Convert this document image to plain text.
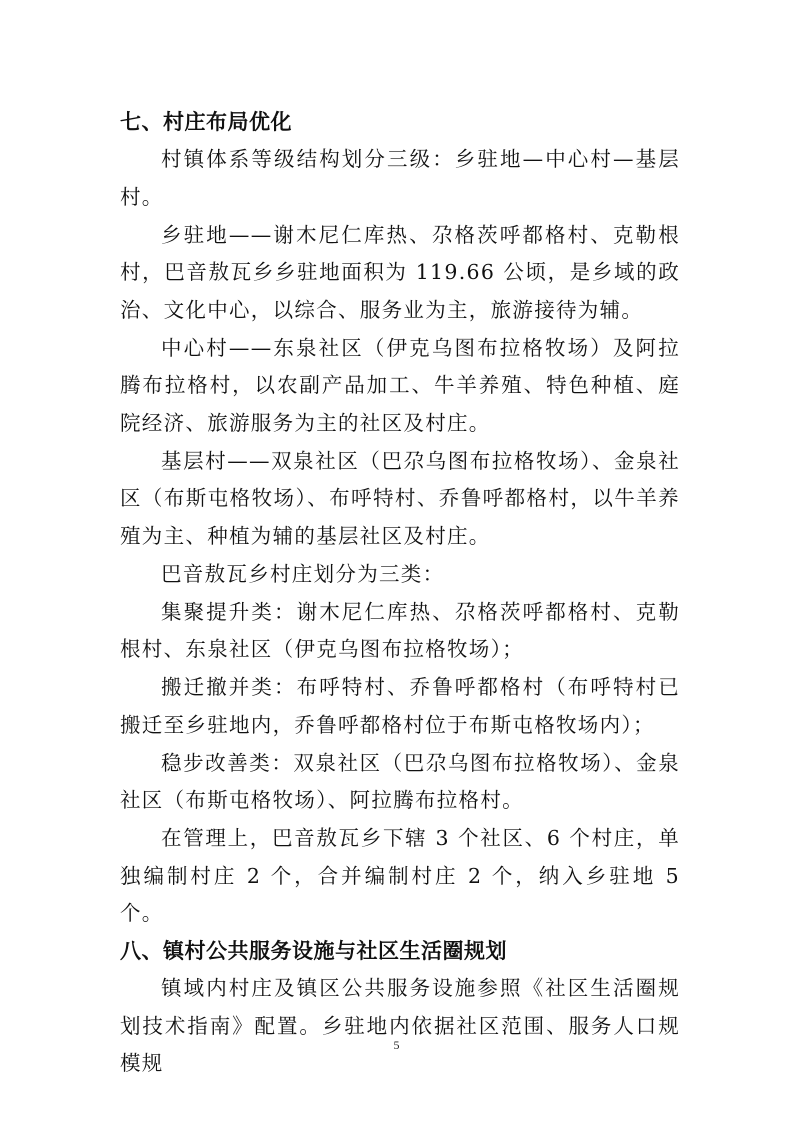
七、村庄布局优化

村镇体系等级结构划分三级：乡驻地—中心村—基层村。

乡驻地——谢木尼仁库热、尕格茨呼都格村、克勒根村，巴音敖瓦乡乡驻地面积为 119.66 公顷，是乡域的政治、文化中心，以综合、服务业为主，旅游接待为辅。

中心村——东泉社区（伊克乌图布拉格牧场）及阿拉腾布拉格村，以农副产品加工、牛羊养殖、特色种植、庭院经济、旅游服务为主的社区及村庄。

基层村——双泉社区（巴尕乌图布拉格牧场）、金泉社区（布斯屯格牧场）、布呼特村、乔鲁呼都格村，以牛羊养殖为主、种植为辅的基层社区及村庄。

巴音敖瓦乡村庄划分为三类：

集聚提升类：谢木尼仁库热、尕格茨呼都格村、克勒根村、东泉社区（伊克乌图布拉格牧场）；

搬迁撤并类：布呼特村、乔鲁呼都格村（布呼特村已搬迁至乡驻地内，乔鲁呼都格村位于布斯屯格牧场内）；

稳步改善类：双泉社区（巴尕乌图布拉格牧场）、金泉社区（布斯屯格牧场）、阿拉腾布拉格村。

在管理上，巴音敖瓦乡下辖 3 个社区、6 个村庄，单独编制村庄 2 个，合并编制村庄 2 个，纳入乡驻地 5 个。

八、镇村公共服务设施与社区生活圈规划

镇域内村庄及镇区公共服务设施参照《社区生活圈规划技术指南》配置。乡驻地内依据社区范围、服务人口规模规

5
